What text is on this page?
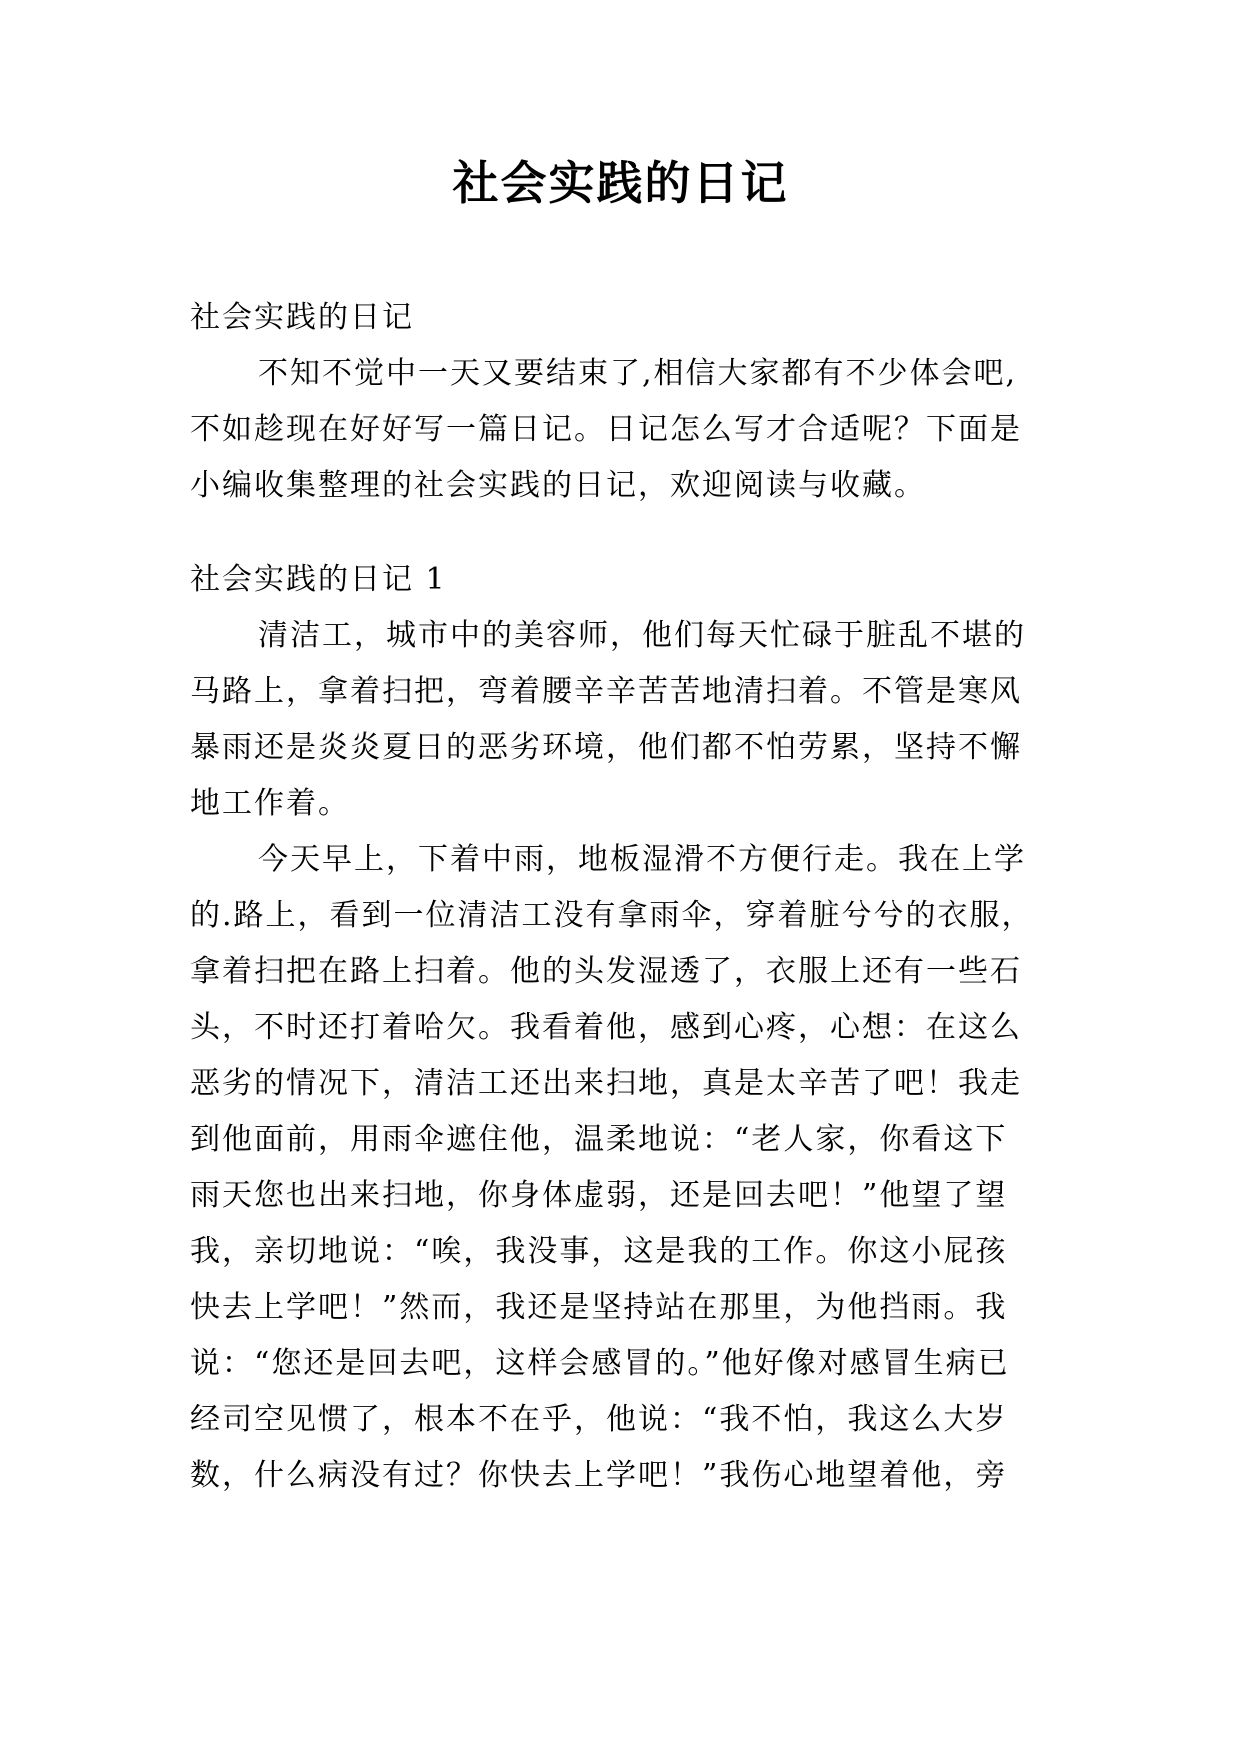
社会实践的日记
社会实践的日记
不知不觉中一天又要结束了,相信大家都有不少体会吧,
不如趁现在好好写一篇日记。日记怎么写才合适呢？下面是
小编收集整理的社会实践的日记，欢迎阅读与收藏。
社会实践的日记 1
清洁工，城市中的美容师，他们每天忙碌于脏乱不堪的
马路上，拿着扫把，弯着腰辛辛苦苦地清扫着。不管是寒风
暴雨还是炎炎夏日的恶劣环境，他们都不怕劳累，坚持不懈
地工作着。
今天早上，下着中雨，地板湿滑不方便行走。我在上学
的.路上，看到一位清洁工没有拿雨伞，穿着脏兮兮的衣服，
拿着扫把在路上扫着。他的头发湿透了，衣服上还有一些石
头，不时还打着哈欠。我看着他，感到心疼，心想：在这么
恶劣的情况下，清洁工还出来扫地，真是太辛苦了吧！我走
到他面前，用雨伞遮住他，温柔地说：“老人家，你看这下
雨天您也出来扫地，你身体虚弱，还是回去吧！”他望了望
我，亲切地说：“唉，我没事，这是我的工作。你这小屁孩
快去上学吧！”然而，我还是坚持站在那里，为他挡雨。我
说：“您还是回去吧，这样会感冒的。”他好像对感冒生病已
经司空见惯了，根本不在乎，他说：“我不怕，我这么大岁
数，什么病没有过？你快去上学吧！”我伤心地望着他，旁
